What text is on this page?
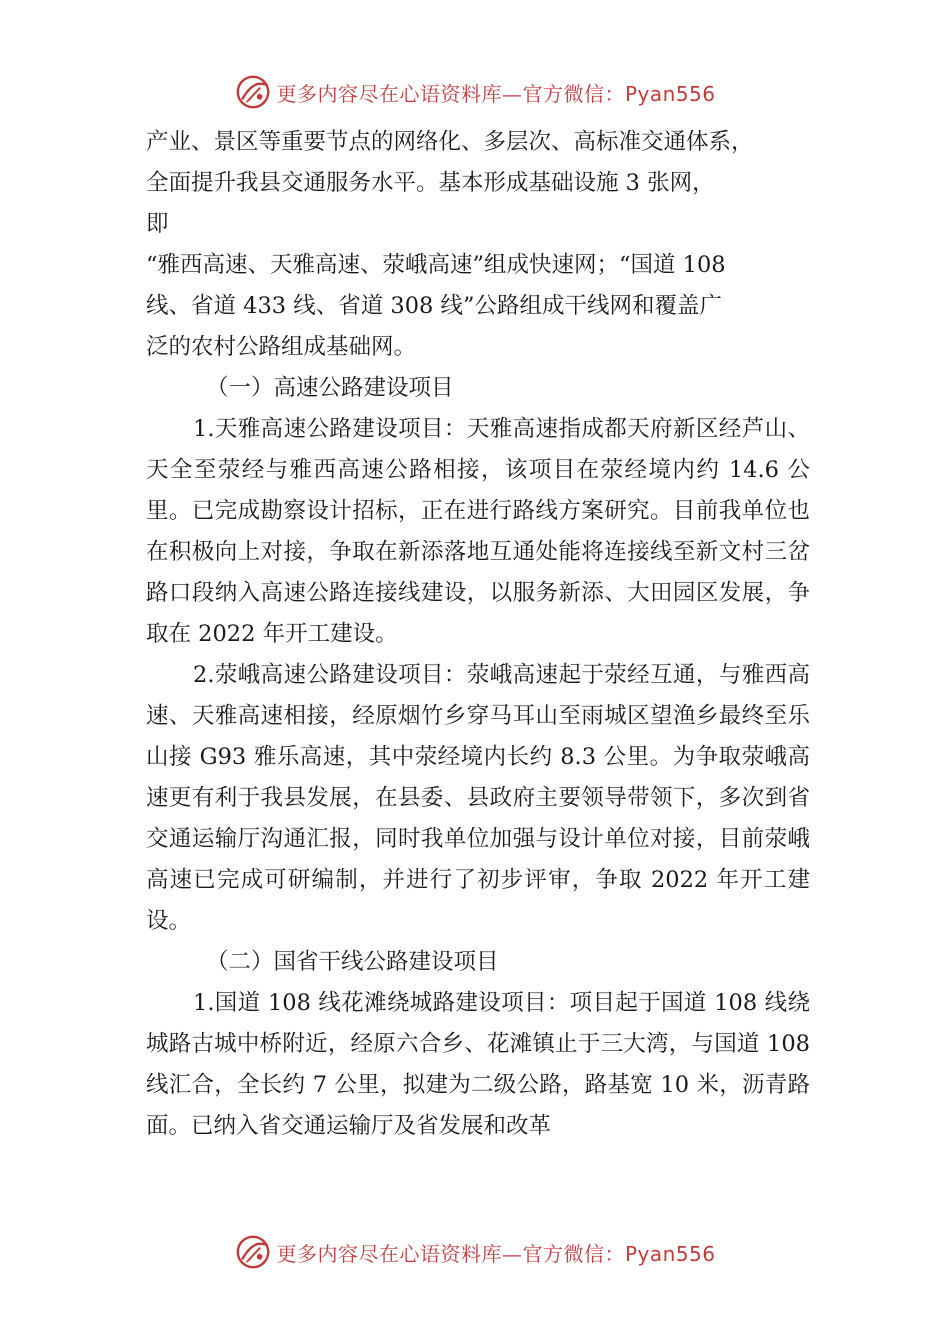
更多内容尽在心语资料库—官方微信：Pyan556

产业、景区等重要节点的网络化、多层次、高标准交通体系，

全面提升我县交通服务水平。基本形成基础设施 3 张网，

即

“雅西高速、天雅高速、荥峨高速”组成快速网；“国道 108

线、省道 433 线、省道 308 线”公路组成干线网和覆盖广

泛的农村公路组成基础网。

（一）高速公路建设项目

1.天雅高速公路建设项目：天雅高速指成都天府新区经芦山、天全至荥经与雅西高速公路相接，该项目在荥经境内约 14.6 公里。已完成勘察设计招标，正在进行路线方案研究。目前我单位也在积极向上对接，争取在新添落地互通处能将连接线至新文村三岔路口段纳入高速公路连接线建设，以服务新添、大田园区发展，争取在 2022 年开工建设。

2.荥峨高速公路建设项目：荥峨高速起于荥经互通，与雅西高速、天雅高速相接，经原烟竹乡穿马耳山至雨城区望渔乡最终至乐山接 G93 雅乐高速，其中荥经境内长约 8.3 公里。为争取荥峨高速更有利于我县发展，在县委、县政府主要领导带领下，多次到省交通运输厅沟通汇报，同时我单位加强与设计单位对接，目前荥峨高速已完成可研编制，并进行了初步评审，争取 2022 年开工建设。

（二）国省干线公路建设项目

1.国道 108 线花滩绕城路建设项目：项目起于国道 108 线绕城路古城中桥附近，经原六合乡、花滩镇止于三大湾，与国道 108 线汇合，全长约 7 公里，拟建为二级公路，路基宽 10 米，沥青路面。已纳入省交通运输厅及省发展和改革

更多内容尽在心语资料库—官方微信：Pyan556
